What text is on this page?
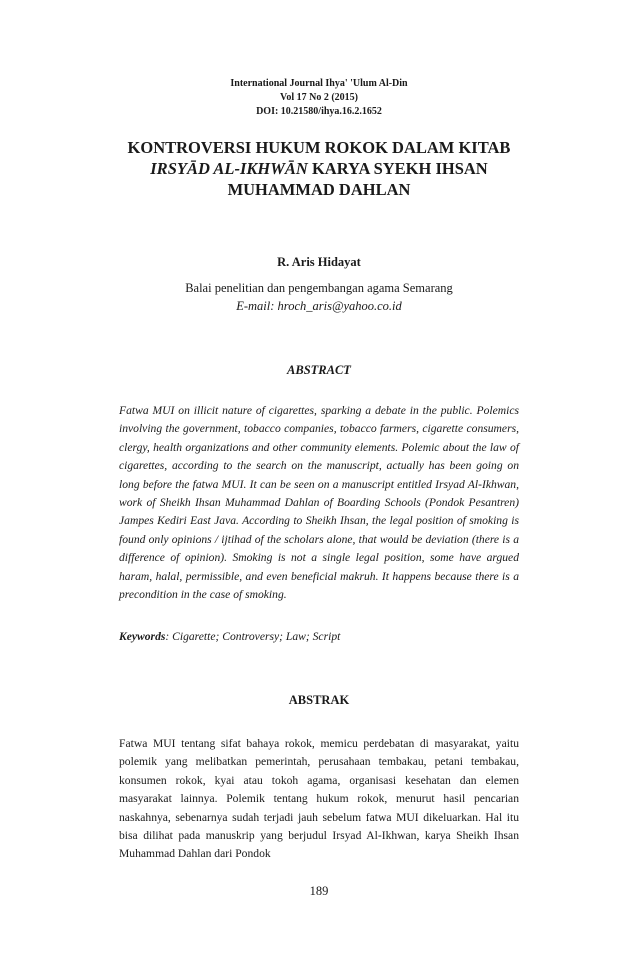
International Journal Ihya' 'Ulum Al-Din
Vol 17 No 2 (2015)
DOI: 10.21580/ihya.16.2.1652
KONTROVERSI HUKUM ROKOK DALAM KITAB
IRSYĀD AL-IKHWĀN KARYA SYEKH IHSAN
MUHAMMAD DAHLAN
R. Aris Hidayat
Balai penelitian dan pengembangan agama Semarang
E-mail: hroch_aris@yahoo.co.id
ABSTRACT

Fatwa MUI on illicit nature of cigarettes, sparking a debate in the public. Polemics involving the government, tobacco companies, tobacco farmers, cigarette consumers, clergy, health organizations and other community elements. Polemic about the law of cigarettes, according to the search on the manuscript, actually has been going on long before the fatwa MUI. It can be seen on a manuscript entitled Irsyad Al-Ikhwan, work of Sheikh Ihsan Muhammad Dahlan of Boarding Schools (Pondok Pesantren) Jampes Kediri East Java. According to Sheikh Ihsan, the legal position of smoking is found only opinions / ijtihad of the scholars alone, that would be deviation (there is a difference of opinion). Smoking is not a single legal position, some have argued haram, halal, permissible, and even beneficial makruh. It happens because there is a precondition in the case of smoking.

Keywords: Cigarette; Controversy; Law; Script
ABSTRAK

Fatwa MUI tentang sifat bahaya rokok, memicu perdebatan di masyarakat, yaitu polemik yang melibatkan pemerintah, perusahaan tembakau, petani tembakau, konsumen rokok, kyai atau tokoh agama, organisasi kesehatan dan elemen masyarakat lainnya. Polemik tentang hukum rokok, menurut hasil pencarian naskahnya, sebenarnya sudah terjadi jauh sebelum fatwa MUI dikeluarkan. Hal itu bisa dilihat pada manuskrip yang berjudul Irsyad Al-Ikhwan, karya Sheikh Ihsan Muhammad Dahlan dari Pondok

189
